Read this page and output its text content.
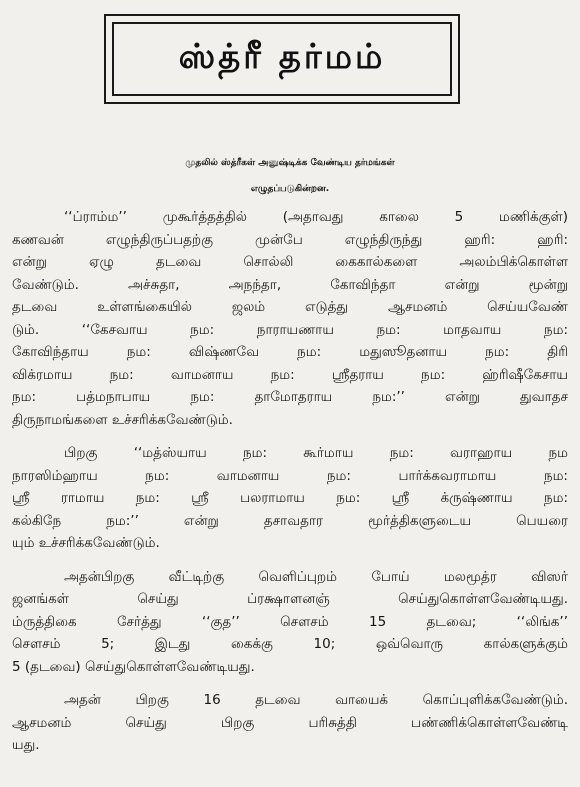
ஸ்த்ரீ தர்மம்
முதலில் ஸ்த்ரீகள் அனுஷ்டிக்க வேண்டிய தர்மங்கள்
எழுதப்படுகின்றன.
‘‘ப்ராம்ம’’ முகூர்த்தத்தில் (அதாவது காலை 5 மணிக்குள்)
கணவன் எழுந்திருப்பதற்கு முன்பே எழுந்திருந்து ஹரி: ஹரி:
என்று ஏழு தடவை சொல்லி கைகால்களை அலம்பிக்கொள்ள
வேண்டும். அச்சுதா, அநந்தா, கோவிந்தா என்று மூன்று
தடவை உள்ளங்கையில் ஜலம் எடுத்து ஆசமனம் செய்யவேண்
டும். ‘‘கேசவாய நம: நாராயணாய நம: மாதவாய நம:
கோவிந்தாய நம: விஷ்ணவே நம: மதுஸூதனாய நம: திரி
விக்ரமாய நம: வாமனாய நம: ஸ்ரீதராய நம: ஹ்ரிஷீகேசாய
நம: பத்மநாபாய நம: தாமோதராய நம:’’ என்று துவாதச
திருநாமங்களை உச்சரிக்கவேண்டும்.
பிறகு ‘‘மத்ஸ்யாய நம: கூர்மாய நம: வராஹாய நம
நாரஸிம்ஹாய நம: வாமனாய நம: பார்க்கவராமாய நம:
ஸ்ரீ ராமாய நம: ஸ்ரீ பலராமாய நம: ஸ்ரீ க்ருஷ்ணாய நம:
கல்கிநே நம:’’ என்று தசாவதார மூர்த்திகளுடைய பெயரை
யும் உச்சரிக்கவேண்டும்.
அதன்பிறகு வீட்டிற்கு வெளிப்புறம் போய் மலமூத்ர விஸர்
ஜனங்கள் செய்து ப்ரக்ஷாளனஞ் செய்துகொள்ளவேண்டியது.
ம்ருத்திகை சேர்த்து ‘‘குத’’ சௌசம் 15 தடவை; ‘‘லிங்க’’
சௌசம் 5; இடது கைக்கு 10; ஒவ்வொரு கால்களுக்கும்
5 (தடவை) செய்துகொள்ளவேண்டியது.
அதன் பிறகு 16 தடவை வாயைக் கொப்புளிக்கவேண்டும்.
ஆசமனம் செய்து பிறகு பரிசுத்தி பண்ணிக்கொள்ளவேண்டி
யது.
